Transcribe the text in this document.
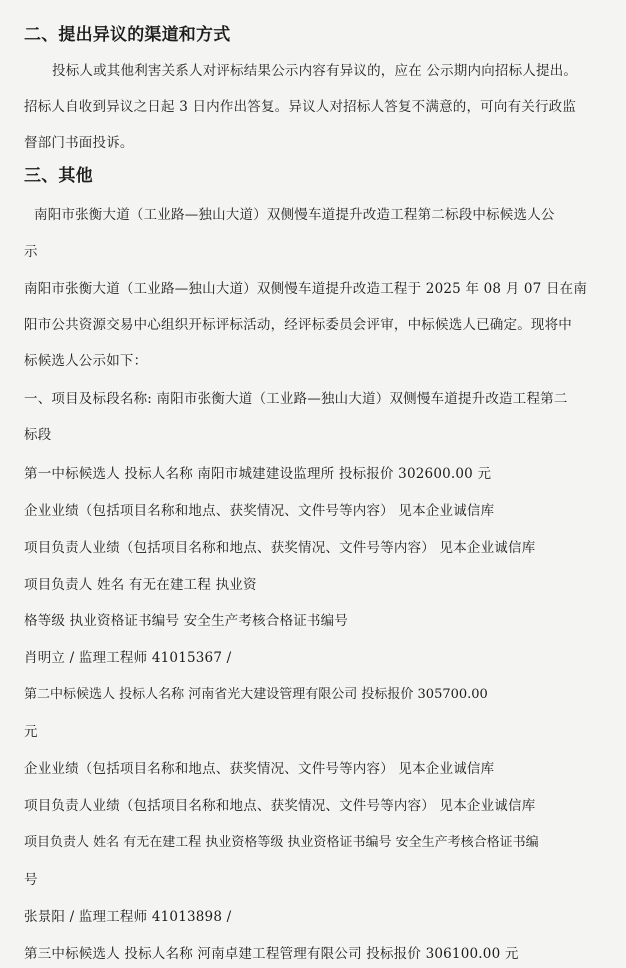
二、提出异议的渠道和方式
投标人或其他利害关系人对评标结果公示内容有异议的，应在 公示期内向招标人提出。
招标人自收到异议之日起 3 日内作出答复。异议人对招标人答复不满意的，可向有关行政监
督部门书面投诉。
三、其他
南阳市张衡大道（工业路—独山大道）双侧慢车道提升改造工程第二标段中标候选人公
示
南阳市张衡大道（工业路—独山大道）双侧慢车道提升改造工程于 2025 年 08 月 07 日在南
阳市公共资源交易中心组织开标评标活动，经评标委员会评审，中标候选人已确定。现将中
标候选人公示如下：
一、项目及标段名称: 南阳市张衡大道（工业路—独山大道）双侧慢车道提升改造工程第二
标段
第一中标候选人 投标人名称 南阳市城建建设监理所 投标报价 302600.00 元
企业业绩（包括项目名称和地点、获奖情况、文件号等内容） 见本企业诚信库
项目负责人业绩（包括项目名称和地点、获奖情况、文件号等内容） 见本企业诚信库
项目负责人 姓名 有无在建工程 执业资
格等级 执业资格证书编号 安全生产考核合格证书编号
肖明立 / 监理工程师 41015367 /
第二中标候选人 投标人名称 河南省光大建设管理有限公司 投标报价 305700.00
元
企业业绩（包括项目名称和地点、获奖情况、文件号等内容） 见本企业诚信库
项目负责人业绩（包括项目名称和地点、获奖情况、文件号等内容） 见本企业诚信库
项目负责人 姓名 有无在建工程 执业资格等级 执业资格证书编号 安全生产考核合格证书编
号
张景阳 / 监理工程师 41013898 /
第三中标候选人 投标人名称 河南卓建工程管理有限公司 投标报价 306100.00 元
